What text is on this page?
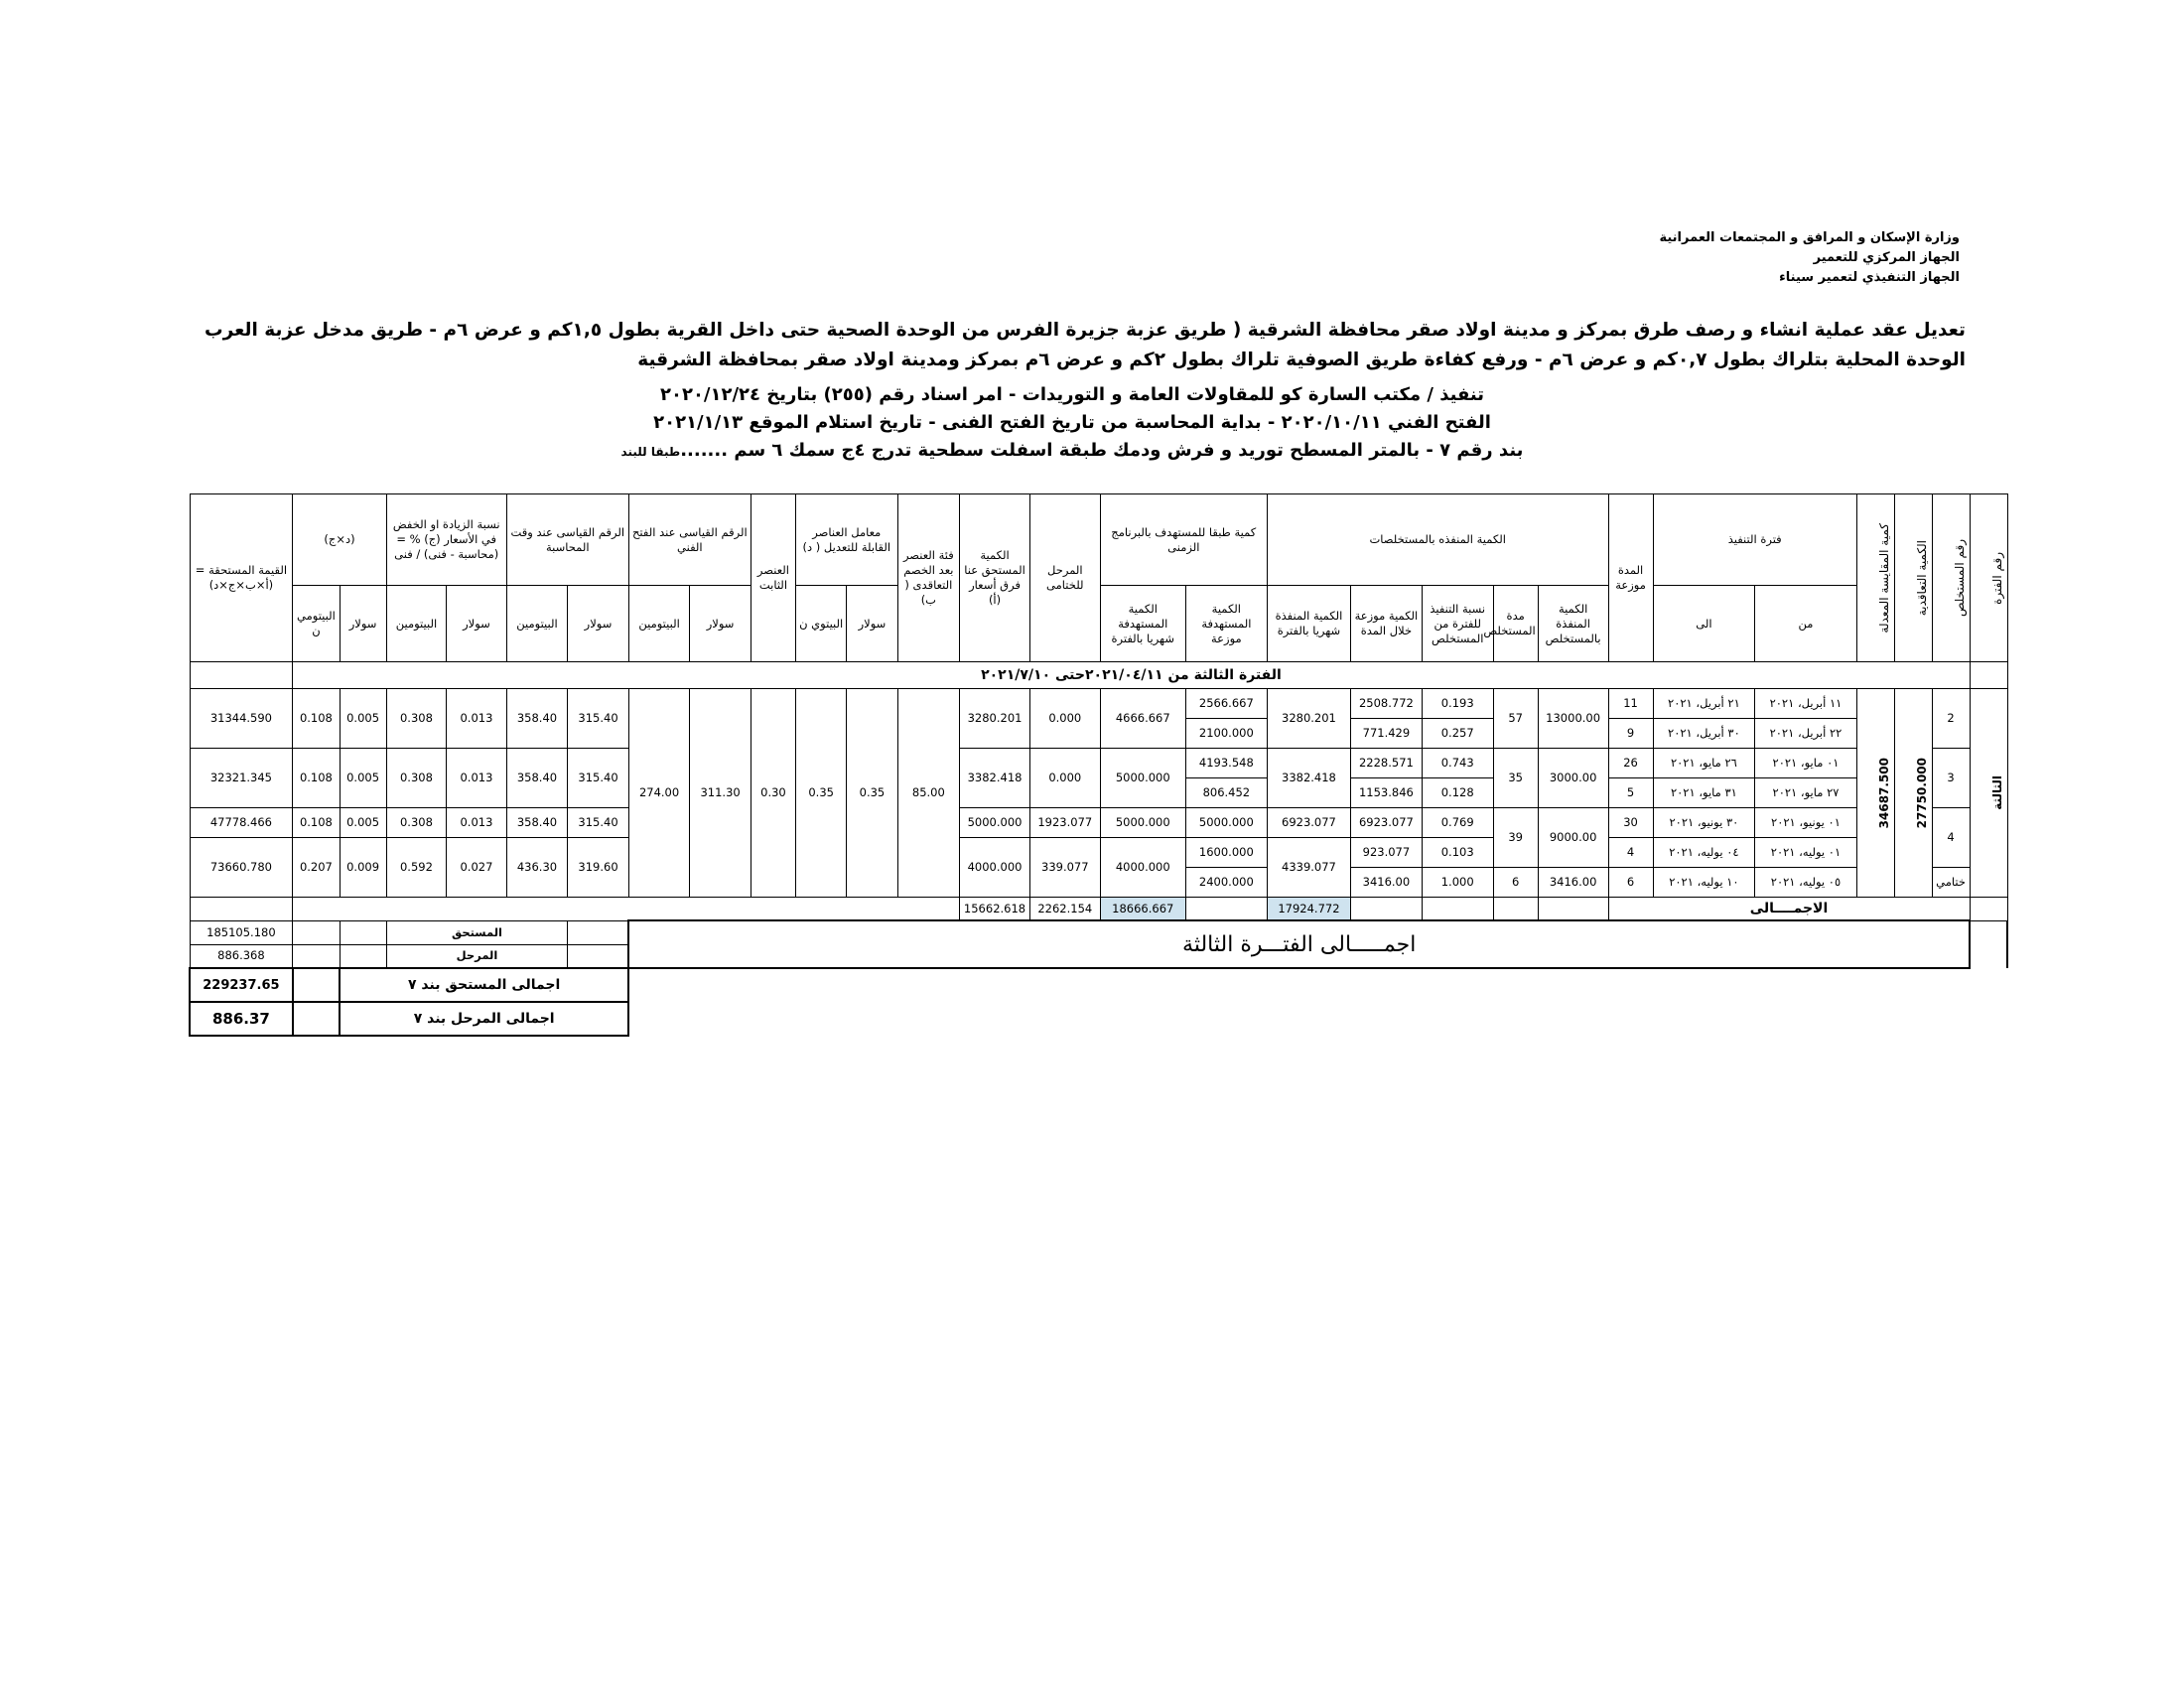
وزارة الإسكان و المرافق و المجتمعات العمرانية
الجهاز المركزي للتعمير
الجهاز التنفيذي لتعمير سيناء
تعديل عقد عملية انشاء و رصف طرق بمركز و مدينة اولاد صقر محافظة الشرقية ( طريق عزبة جزيرة الفرس من الوحدة الصحية حتى داخل القرية بطول ١,٥كم و عرض ٦م - طريق مدخل عزبة العرب الوحدة المحلية بتلراك بطول ٠,٧كم و عرض ٦م - ورفع كفاءة طريق الصوفية تلراك بطول ٢كم و عرض ٦م بمركز ومدينة اولاد صقر بمحافظة الشرقية
تنفيذ / مكتب السارة كو للمقاولات العامة و التوريدات - امر اسناد رقم (٢٥٥) بتاريخ ٢٠٢٠/١٢/٢٤
الفتح الفني ٢٠٢٠/١٠/١١ - بداية المحاسبة من تاريخ الفتح الفنى - تاريخ استلام الموقع ٢٠٢١/١/١٣
بند رقم ٧ - بالمتر المسطح توريد و فرش ودمك طبقة اسفلت سطحية تدرج ٤ج سمك ٦ سم .......طبقا للبند
رقم الفترة	رقم المستخلص	الكمية التعاقدية	كمية المقايسة المعدلة	فترة التنفيذ		المدة موزعة	الكمية المنفذه بالمستخلصات					كمية طبقا للمستهدف بالبرنامج الزمنى		المرحل للختامى	الكمية المستحق عنا فرق أسعار (أ)	فئة العنصر بعد الخصم التعاقدى ( ب)	معامل العناصر القابلة للتعديل ( د)		العنصر الثابت	الرقم القياسى عند الفتح الفني		الرقم القياسى عند وقت المحاسبة		نسبة الزيادة او الخفض في الأسعار (ج) % = (محاسبة - فنى) / فنى		(د×ج)		القيمة المستحقة =(أ×ب×ج×د)
				من	الى		الكمية المنفذة بالمستخلص	مدة المستخلص	نسبة التنفيذ للفترة من المستخلص	الكمية موزعة خلال المدة	الكمية المنفذة شهريا بالفترة	الكمية المستهدفة موزعة	الكمية المستهدفة شهريا بالفترة				سولار	البيتوي ن		سولار	البيتومين	سولار	البيتومين	سولار	البيتومين	سولار	البيتومي ن	
	الفترة الثالثة من ٢٠٢١/٠٤/١١حتى ٢٠٢١/٧/١٠																											

الثالثة	2	27750.000	34687.500	١١ أبريل، ٢٠٢١	٢١ أبريل، ٢٠٢١	11	13000.00	57	0.193	2508.772	3280.201	2566.667	4666.667	0.000	3280.201	85.00	0.35	0.35	0.30	311.30	274.00	315.40	358.40	0.013	0.308	0.005	0.108	31344.590
				٢٢ أبريل، ٢٠٢١	٣٠ أبريل، ٢٠٢١	9			0.257	771.429		2100.000																
	3			٠١ مايو، ٢٠٢١	٢٦ مايو، ٢٠٢١	26	3000.00	35	0.743	2228.571	3382.418	4193.548	5000.000	0.000	3382.418							315.40	358.40	0.013	0.308	0.005	0.108	32321.345
				٢٧ مايو، ٢٠٢١	٣١ مايو، ٢٠٢١	5			0.128	1153.846		806.452																
	4			٠١ يونيو، ٢٠٢١	٣٠ يونيو، ٢٠٢١	30	9000.00	39	0.769	6923.077	6923.077	5000.000	5000.000	1923.077	5000.000							315.40	358.40	0.013	0.308	0.005	0.108	47778.466
				٠١ يوليه، ٢٠٢١	٠٤ يوليه، ٢٠٢١	4			0.103	923.077	4339.077	1600.000	4000.000	339.077	4000.000							319.60	436.30	0.027	0.592	0.009	0.207	73660.780
	ختامي			٠٥ يوليه، ٢٠٢١	١٠ يوليه، ٢٠٢١	6	3416.00	6	1.000	3416.00		2400.000																
	الاجمــــالى										17924.772		18666.667	2262.154	15662.618													
	اجمـــــالى الفتـــرة الثالثة																						المستحق					185105.180
																							المرحل					886.368
																						اجمالى المستحق بند ٧						229237.65
																						اجمالى المرحل بند ٧						886.37
